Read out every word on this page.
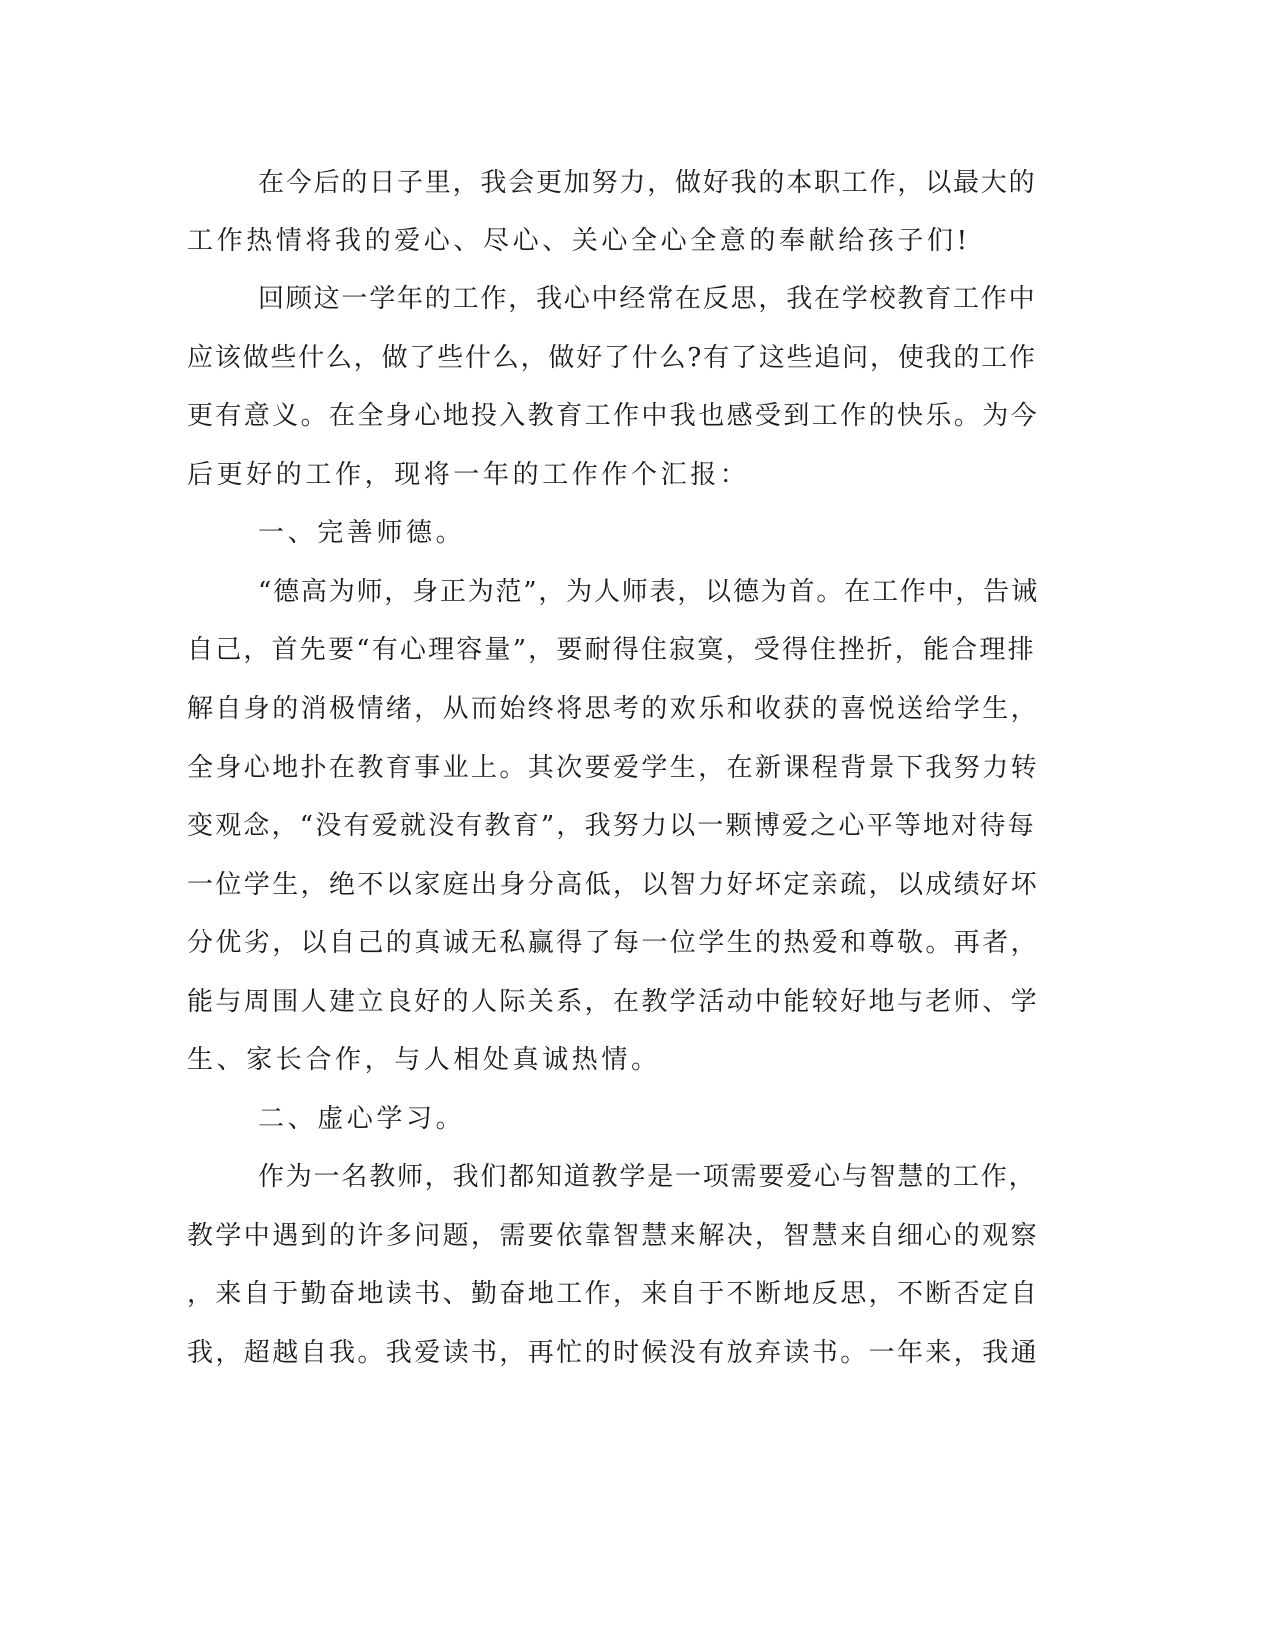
在今后的日子里，我会更加努力，做好我的本职工作，以最大的

工作热情将我的爱心、尽心、关心全心全意的奉献给孩子们!

回顾这一学年的工作，我心中经常在反思，我在学校教育工作中

应该做些什么，做了些什么，做好了什么?有了这些追问，使我的工作

更有意义。在全身心地投入教育工作中我也感受到工作的快乐。为今

后更好的工作，现将一年的工作作个汇报：

一、完善师德。

“德高为师，身正为范”，为人师表，以德为首。在工作中，告诫

自己，首先要“有心理容量”，要耐得住寂寞，受得住挫折，能合理排

解自身的消极情绪，从而始终将思考的欢乐和收获的喜悦送给学生，

全身心地扑在教育事业上。其次要爱学生，在新课程背景下我努力转

变观念，“没有爱就没有教育”，我努力以一颗博爱之心平等地对待每

一位学生，绝不以家庭出身分高低，以智力好坏定亲疏，以成绩好坏

分优劣，以自己的真诚无私赢得了每一位学生的热爱和尊敬。再者，

能与周围人建立良好的人际关系，在教学活动中能较好地与老师、学

生、家长合作，与人相处真诚热情。

二、虚心学习。

作为一名教师，我们都知道教学是一项需要爱心与智慧的工作，

教学中遇到的许多问题，需要依靠智慧来解决，智慧来自细心的观察

，来自于勤奋地读书、勤奋地工作，来自于不断地反思，不断否定自

我，超越自我。我爱读书，再忙的时候没有放弃读书。一年来，我通
